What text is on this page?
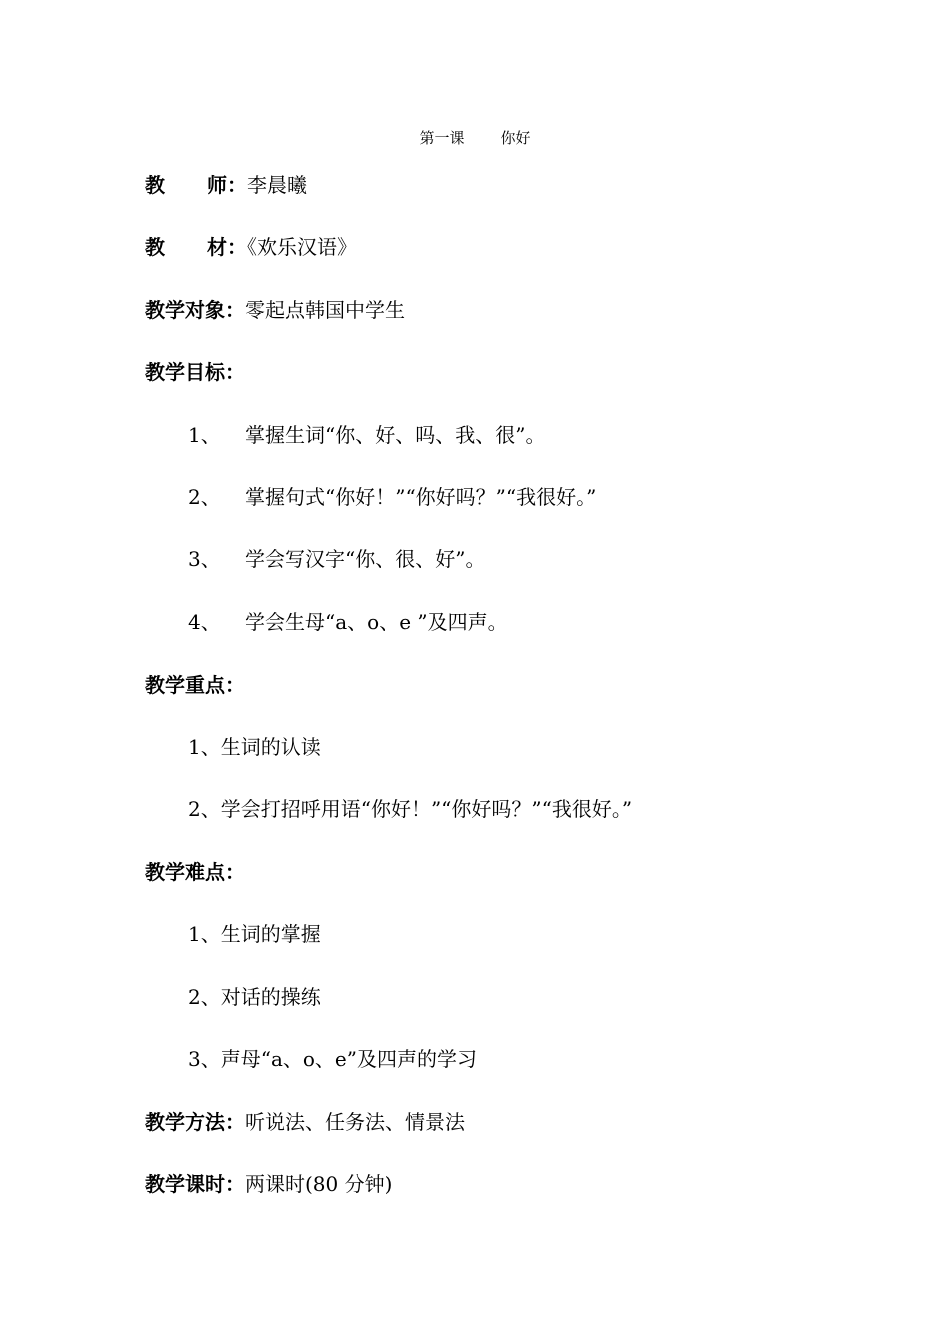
第一课 你好
教 师：李晨曦
教 材：《欢乐汉语》
教学对象：零起点韩国中学生
教学目标：
1、 掌握生词“你、好、吗、我、很”。
2、 掌握句式“你好！”“你好吗？”“我很好。”
3、 学会写汉字“你、很、好”。
4、 学会生母“a、o、e ”及四声。
教学重点：
1、生词的认读
2、学会打招呼用语“你好！”“你好吗？”“我很好。”
教学难点：
1、生词的掌握
2、对话的操练
3、声母“a、o、e”及四声的学习
教学方法：听说法、任务法、情景法
教学课时：两课时(80 分钟)
